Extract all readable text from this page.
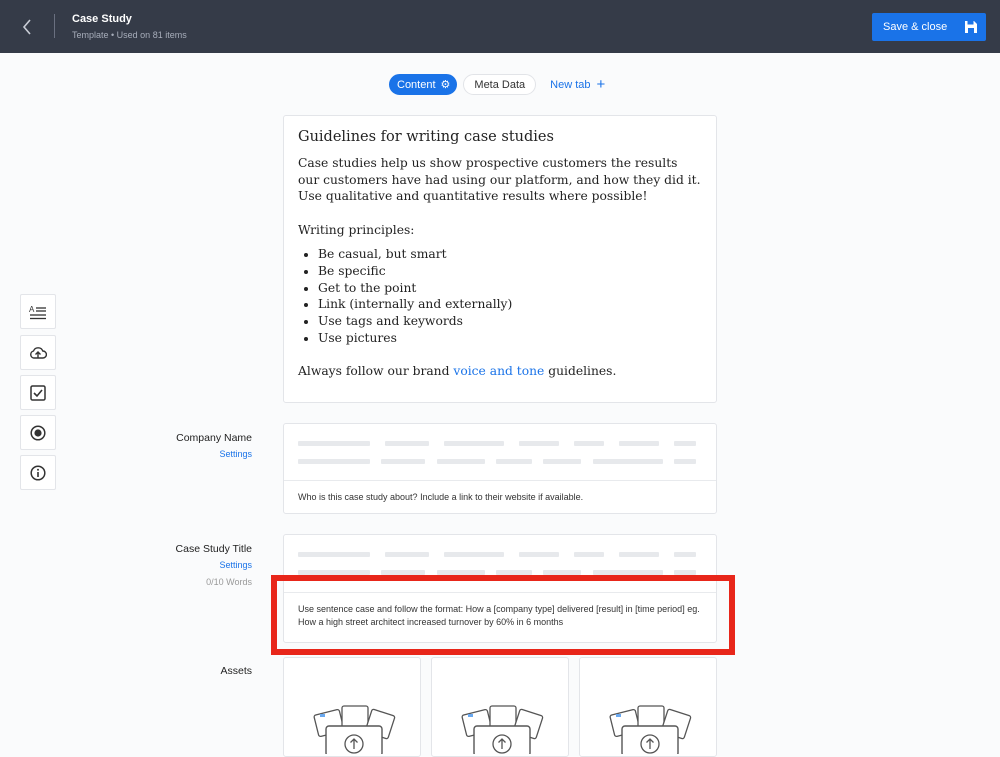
Case Study
Template • Used on 81 items
Save & close
Content ⚙ Meta Data New tab +
A
Guidelines for writing case studies

Case studies help us show prospective customers the results our customers have had using our platform, and how they did it. Use qualitative and quantitative results where possible!

Writing principles:

• Be casual, but smart
• Be specific
• Get to the point
• Link (internally and externally)
• Use tags and keywords
• Use pictures

Always follow our brand voice and tone guidelines.

Company Name
Settings
Who is this case study about? Include a link to their website if available.
Case Study Title
Settings
0/10 Words
Use sentence case and follow the format: How a [company type] delivered [result] in [time period] eg. How a high street architect increased turnover by 60% in 6 months
Assets
